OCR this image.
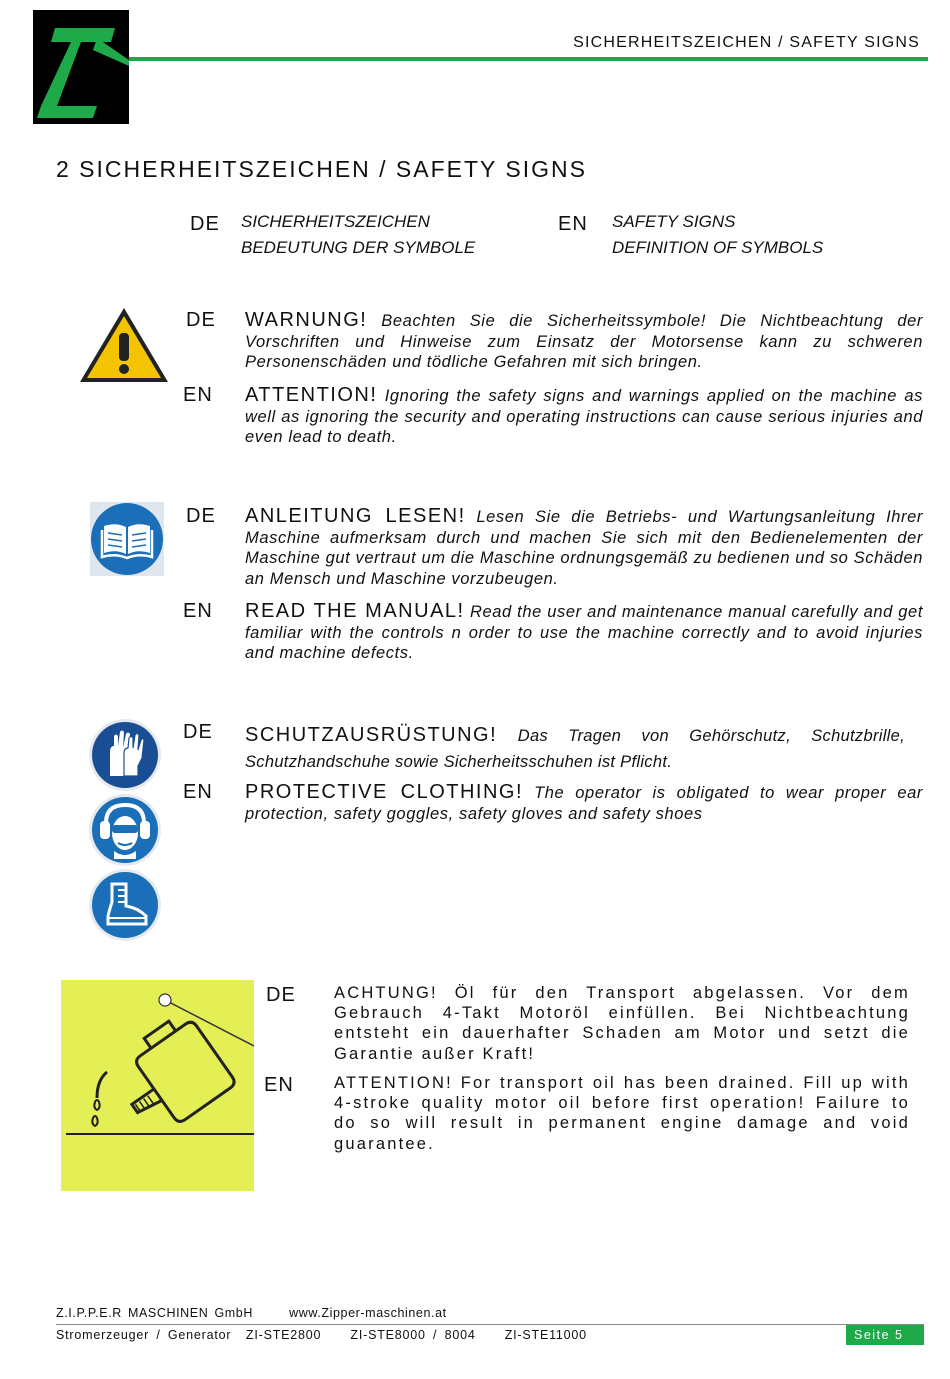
SICHERHEITSZEICHEN / SAFETY SIGNS
2 SICHERHEITSZEICHEN / SAFETY SIGNS
DE SICHERHEITSZEICHEN
BEDEUTUNG DER SYMBOLE
EN SAFETY SIGNS
DEFINITION OF SYMBOLS
DE WARNUNG! Beachten Sie die Sicherheitssymbole! Die Nichtbeachtung der Vorschriften und Hinweise zum Einsatz der Motorsense kann zu schweren Personenschäden und tödliche Gefahren mit sich bringen.
EN ATTENTION! Ignoring the safety signs and warnings applied on the machine as well as ignoring the security and operating instructions can cause serious injuries and even lead to death.
DE ANLEITUNG LESEN! Lesen Sie die Betriebs- und Wartungsanleitung Ihrer Maschine aufmerksam durch und machen Sie sich mit den Bedienelementen der Maschine gut vertraut um die Maschine ordnungsgemäß zu bedienen und so Schäden an Mensch und Maschine vorzubeugen.
EN READ THE MANUAL! Read the user and maintenance manual carefully and get familiar with the controls n order to use the machine correctly and to avoid injuries and machine defects.
DE SCHUTZAUSRÜSTUNG! Das Tragen von Gehörschutz, Schutzbrille, Schutzhandschuhe sowie Sicherheitsschuhen ist Pflicht.
EN PROTECTIVE CLOTHING! The operator is obligated to wear proper ear protection, safety goggles, safety gloves and safety shoes
DE ACHTUNG! Öl für den Transport abgelassen. Vor dem Gebrauch 4-Takt Motoröl einfüllen. Bei Nichtbeachtung entsteht ein dauerhafter Schaden am Motor und setzt die Garantie außer Kraft!
EN ATTENTION! For transport oil has been drained. Fill up with 4-stroke quality motor oil before first operation! Failure to do so will result in permanent engine damage and void guarantee.
Z.I.P.P.E.R MASCHINEN GmbH	www.Zipper-maschinen.at
Stromerzeuger / Generator  ZI-STE2800    ZI-STE8000 / 8004    ZI-STE11000	Seite 5
